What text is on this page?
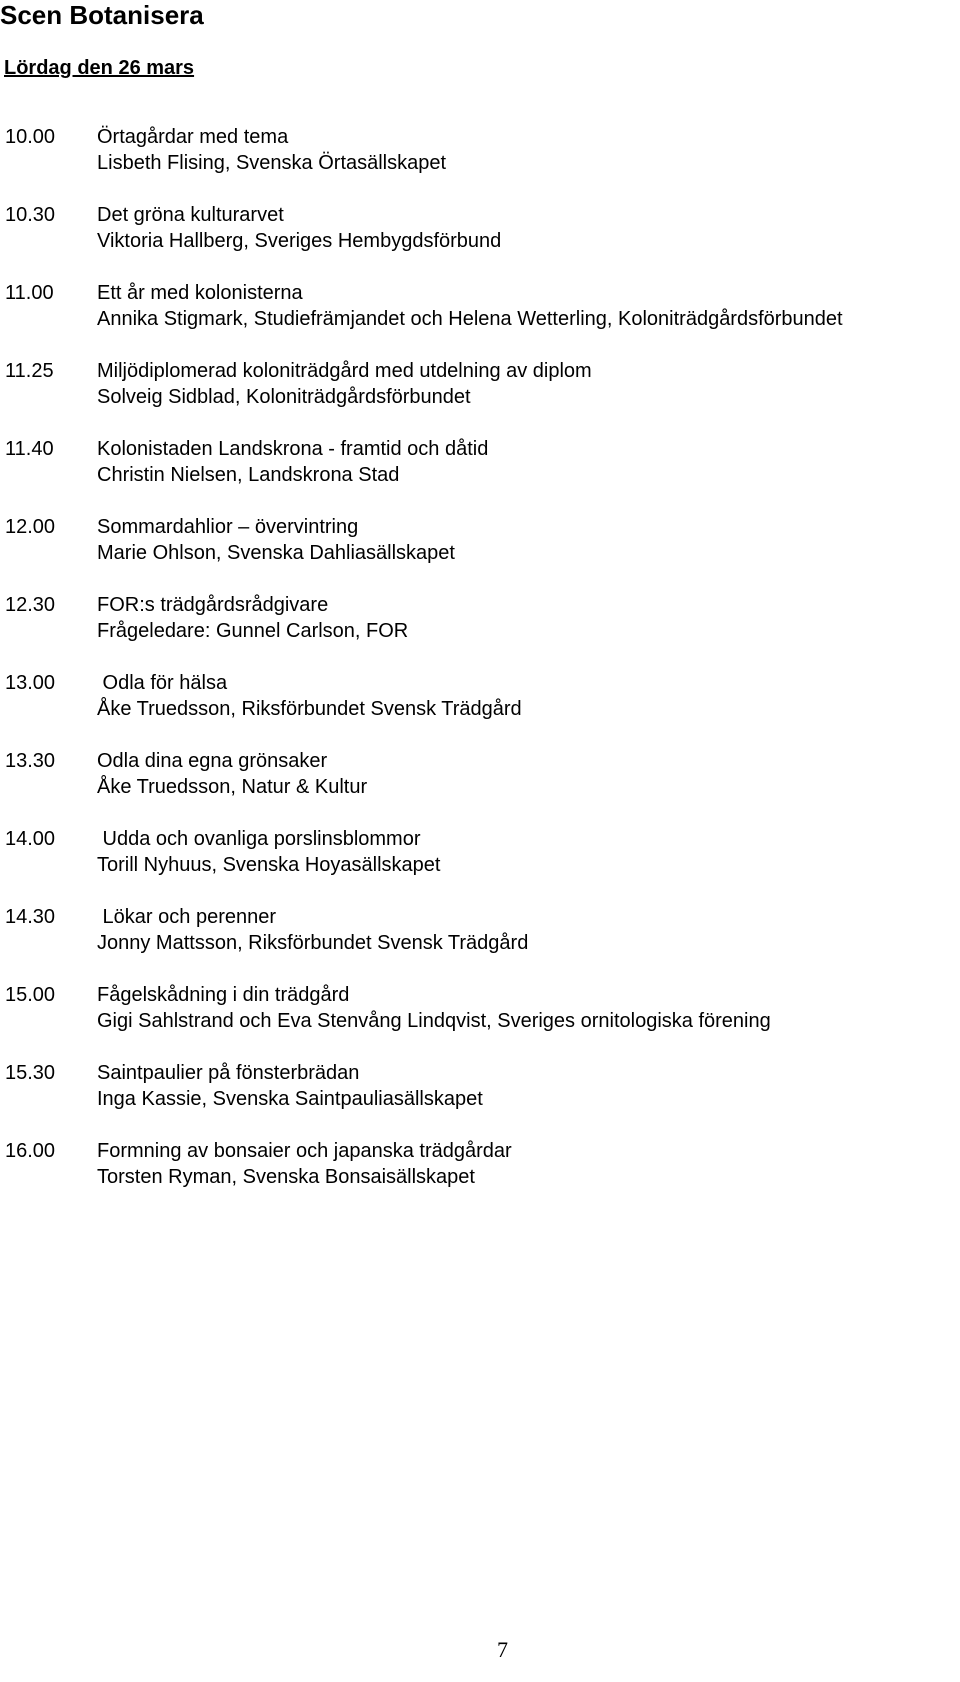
Scen Botanisera
Lördag den 26 mars
10.00	Örtagårdar med tema
Lisbeth Flising, Svenska Örtasällskapet
10.30	Det gröna kulturarvet
Viktoria Hallberg, Sveriges Hembygdsförbund
11.00	Ett år med kolonisterna
Annika Stigmark, Studiefrämjandet och Helena Wetterling, Koloniträdgårdsförbundet
11.25	Miljödiplomerad koloniträdgård med utdelning av diplom
Solveig Sidblad, Koloniträdgårdsförbundet
11.40	Kolonistaden Landskrona - framtid och dåtid
Christin Nielsen, Landskrona Stad
12.00	Sommardahlior – övervintring
Marie Ohlson, Svenska Dahliasällskapet
12.30	FOR:s trädgårdsrådgivare
Frågeledare: Gunnel Carlson, FOR
13.00	Odla för hälsa
Åke Truedsson, Riksförbundet Svensk Trädgård
13.30	Odla dina egna grönsaker
Åke Truedsson, Natur & Kultur
14.00	Udda och ovanliga porslinsblommor
Torill Nyhuus, Svenska Hoyasällskapet
14.30	Lökar och perenner
Jonny Mattsson, Riksförbundet Svensk Trädgård
15.00	Fågelskådning i din trädgård
Gigi Sahlstrand och Eva Stenvång Lindqvist, Sveriges ornitologiska förening
15.30	Saintpaulier på fönsterbrädan
Inga Kassie, Svenska Saintpauliasällskapet
16.00	Formning av bonsaier och japanska trädgårdar
Torsten Ryman, Svenska Bonsaisällskapet
7
